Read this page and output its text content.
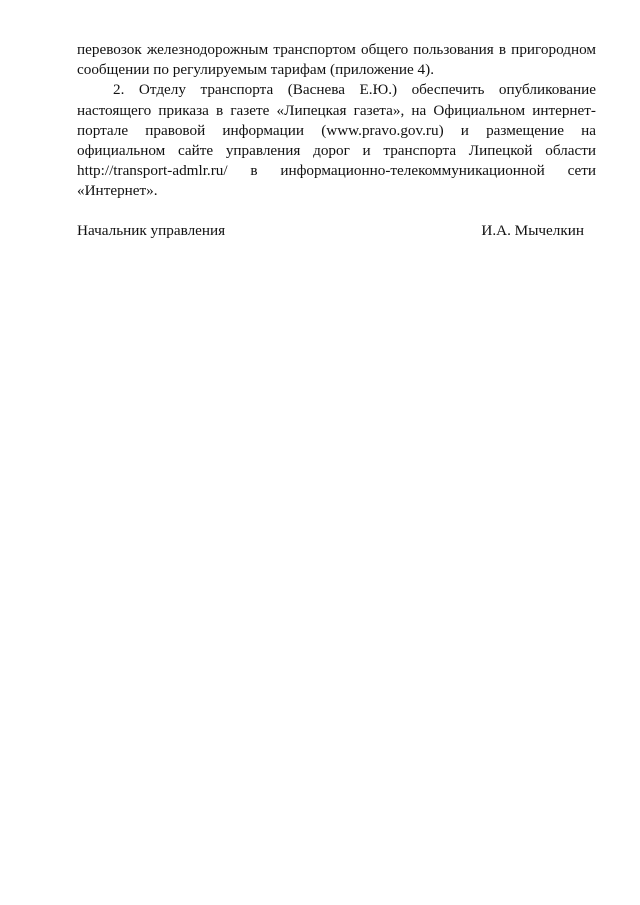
перевозок железнодорожным транспортом общего пользования в пригородном сообщении по регулируемым тарифам (приложение 4).

2. Отделу транспорта (Васнева Е.Ю.) обеспечить опубликование настоящего приказа в газете «Липецкая газета», на Официальном интернет-портале правовой информации (www.pravo.gov.ru) и размещение на официальном сайте управления дорог и транспорта Липецкой области http://transport-admlr.ru/ в информационно-телекоммуникационной сети «Интернет».

Начальник управления	И.А. Мычелкин
